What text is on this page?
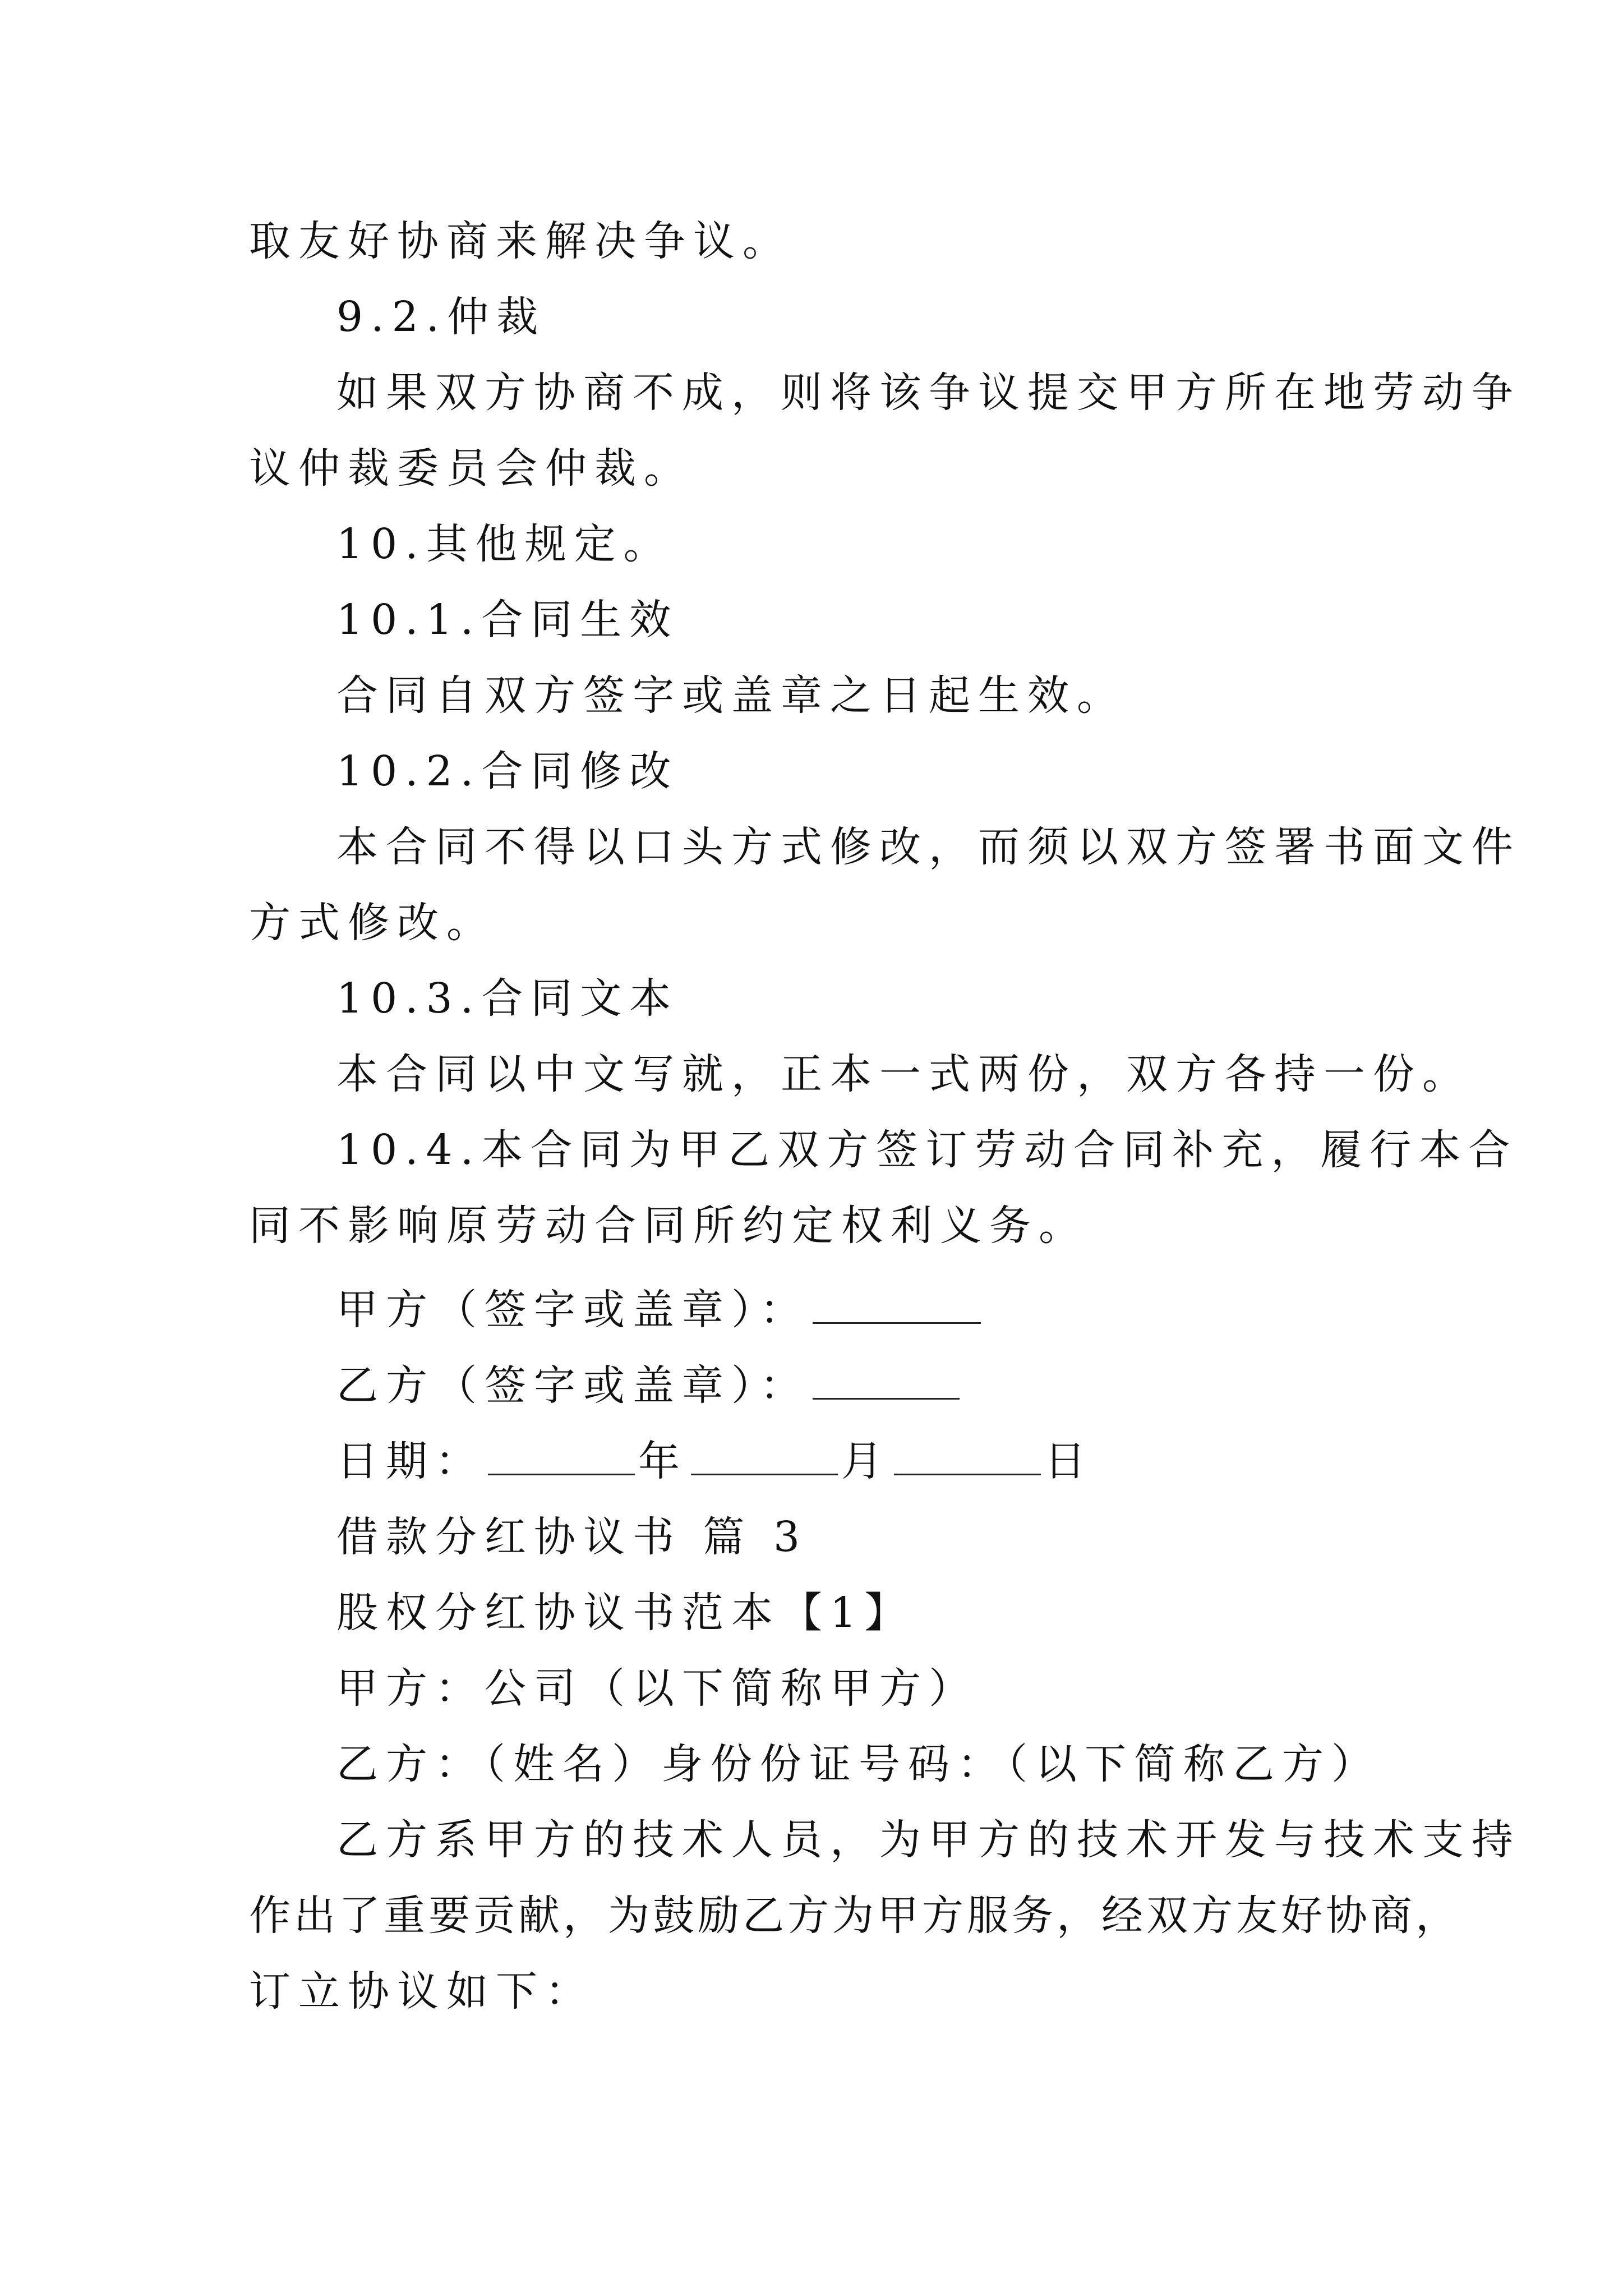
取友好协商来解决争议。
9.2.仲裁
如果双方协商不成，则将该争议提交甲方所在地劳动争
议仲裁委员会仲裁。
10.其他规定。
10.1.合同生效
合同自双方签字或盖章之日起生效。
10.2.合同修改
本合同不得以口头方式修改，而须以双方签署书面文件
方式修改。
10.3.合同文本
本合同以中文写就，正本一式两份，双方各持一份。
10.4.本合同为甲乙双方签订劳动合同补充，履行本合
同不影响原劳动合同所约定权利义务。
甲方（签字或盖章）：
乙方（签字或盖章）：
日期：	年	月	日
借款分红协议书 篇 3
股权分红协议书范本【1】
甲方：公司（以下简称甲方）
乙方：（姓名）身份份证号码：（以下简称乙方）
乙方系甲方的技术人员，为甲方的技术开发与技术支持
作出了重要贡献，为鼓励乙方为甲方服务，经双方友好协商，
订立协议如下：
